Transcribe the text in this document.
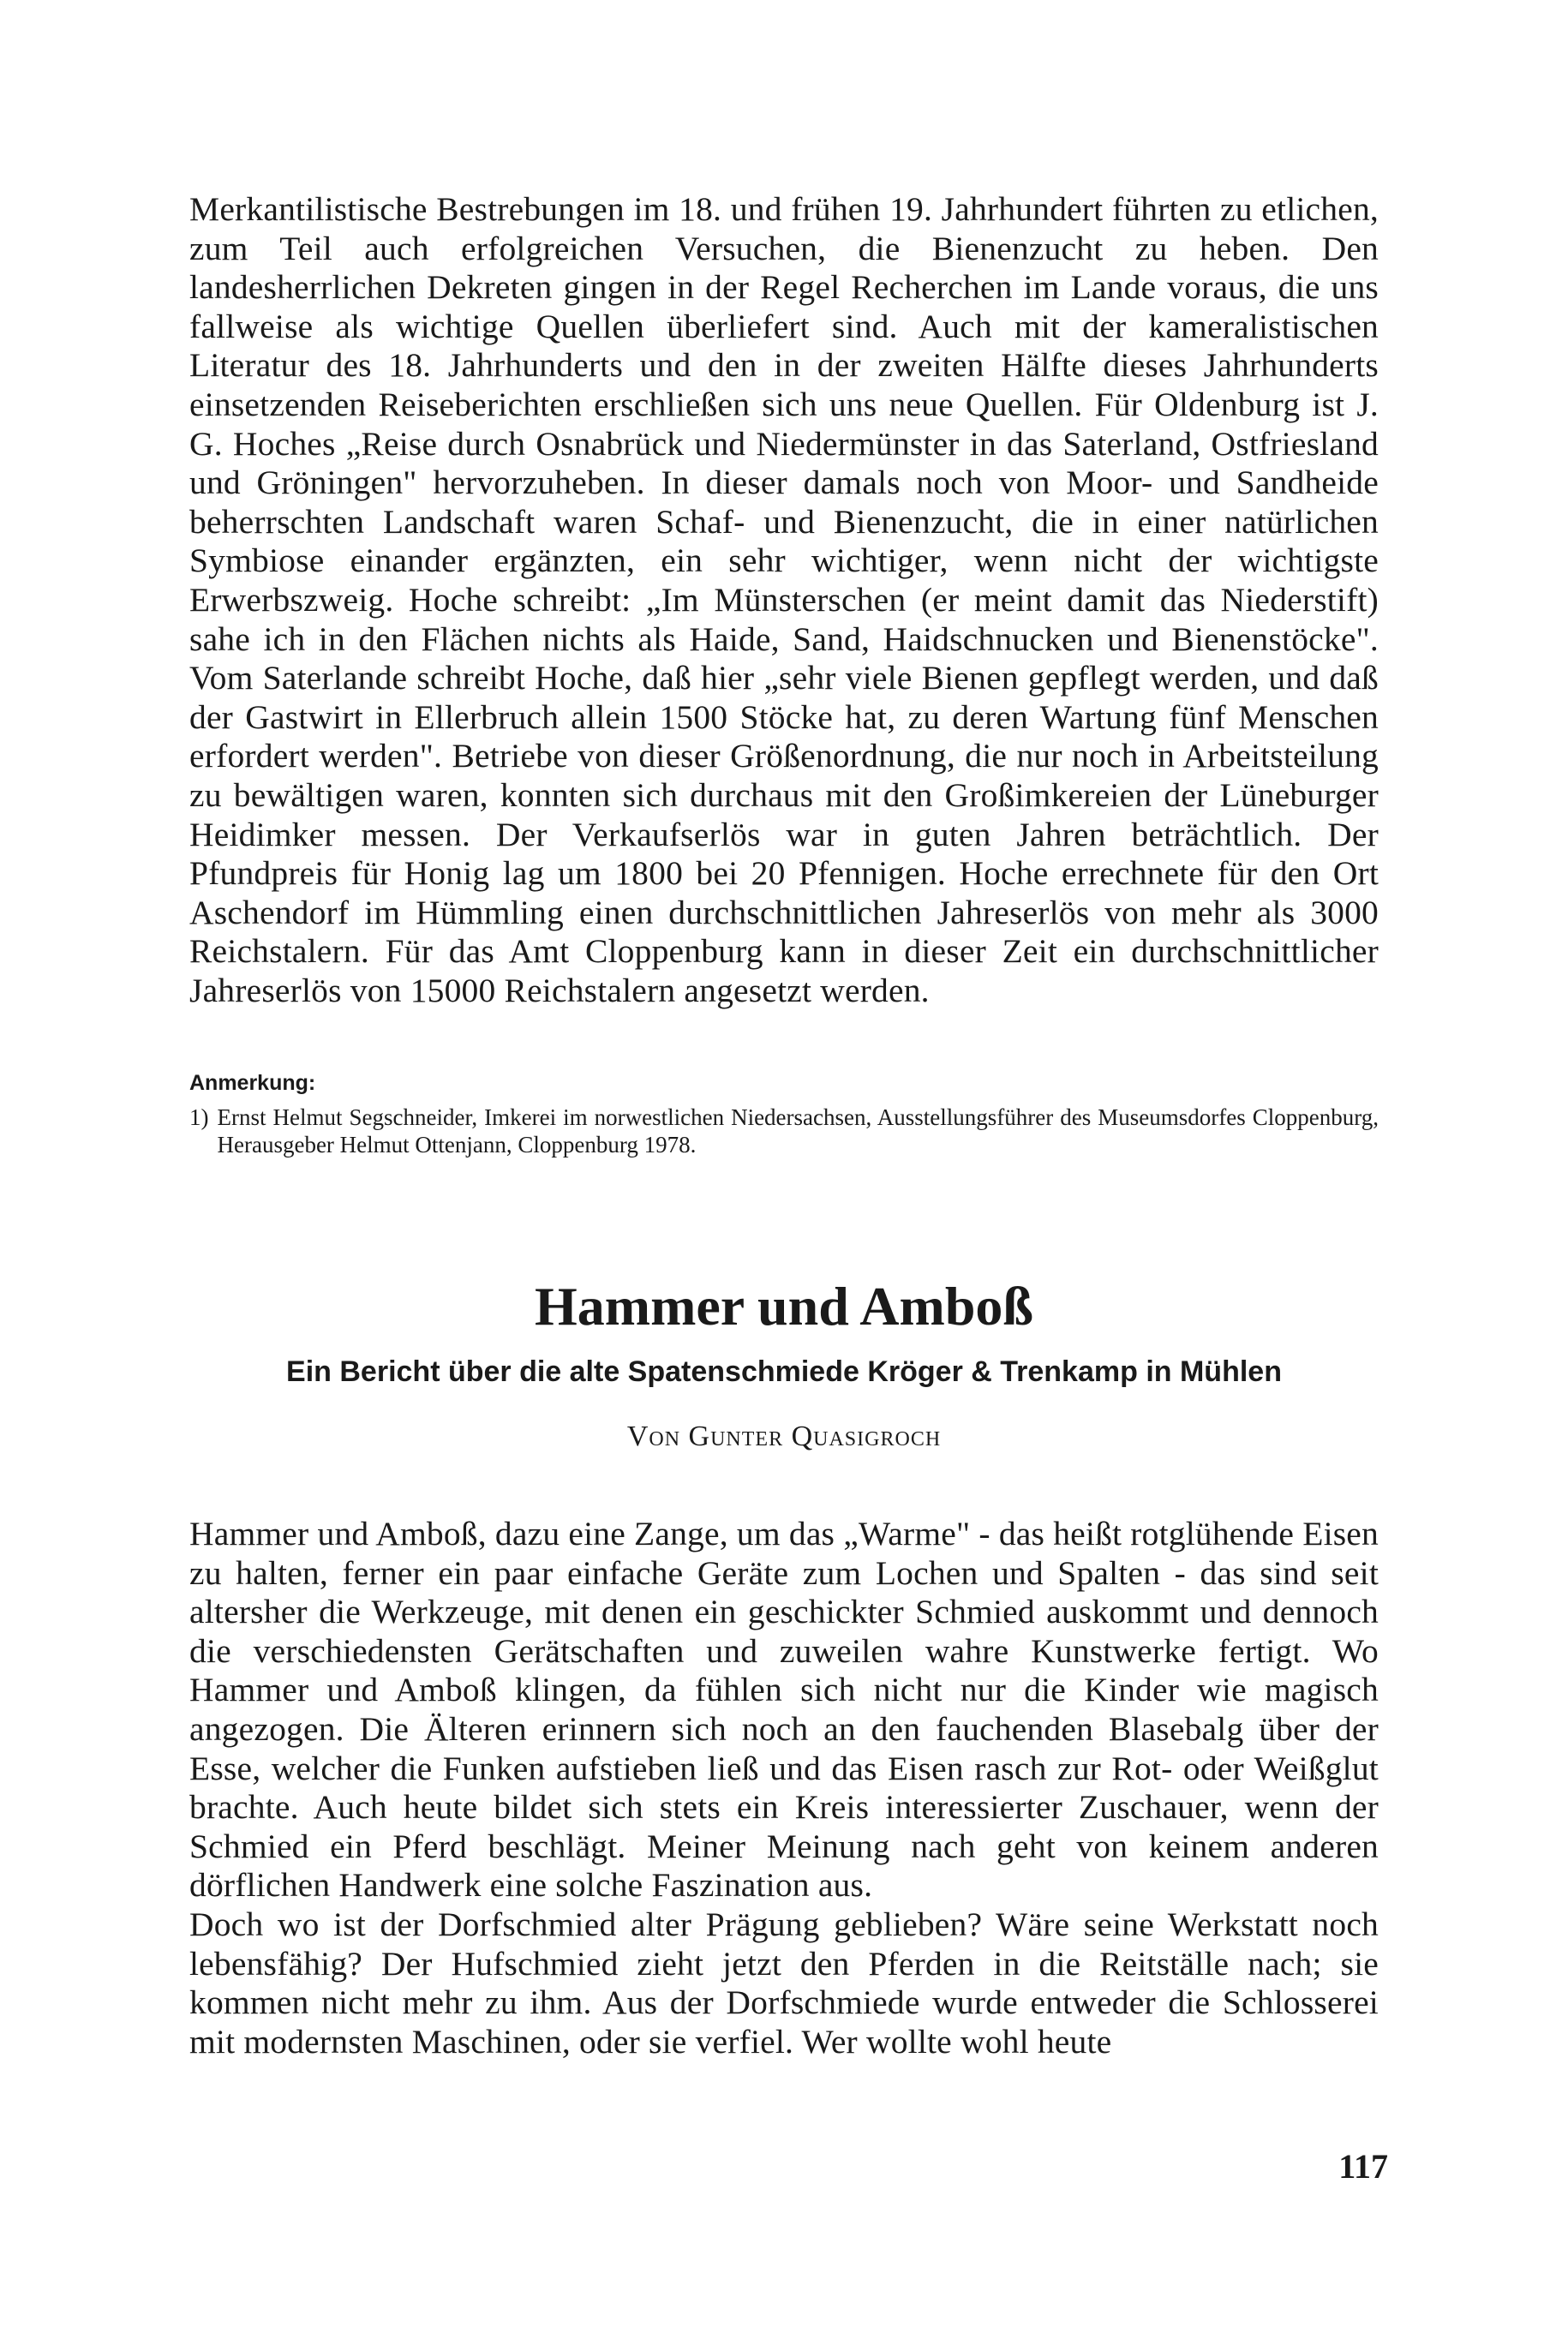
Merkantilistische Bestrebungen im 18. und frühen 19. Jahrhundert führten zu etlichen, zum Teil auch erfolgreichen Versuchen, die Bienenzucht zu heben. Den landesherrlichen Dekreten gingen in der Regel Recherchen im Lande voraus, die uns fallweise als wichtige Quellen überliefert sind. Auch mit der kameralistischen Literatur des 18. Jahrhunderts und den in der zweiten Hälfte dieses Jahrhunderts einsetzenden Reiseberichten erschließen sich uns neue Quellen. Für Oldenburg ist J. G. Hoches „Reise durch Osnabrück und Niedermünster in das Saterland, Ostfriesland und Gröningen" hervorzuheben. In dieser damals noch von Moor- und Sandheide beherrschten Landschaft waren Schaf- und Bienenzucht, die in einer natürlichen Symbiose einander ergänzten, ein sehr wichtiger, wenn nicht der wichtigste Erwerbszweig. Hoche schreibt: „Im Münsterschen (er meint damit das Niederstift) sahe ich in den Flächen nichts als Haide, Sand, Haidschnucken und Bienenstöcke". Vom Saterlande schreibt Hoche, daß hier „sehr viele Bienen gepflegt werden, und daß der Gastwirt in Ellerbruch allein 1500 Stöcke hat, zu deren Wartung fünf Menschen erfordert werden". Betriebe von dieser Größenordnung, die nur noch in Arbeitsteilung zu bewältigen waren, konnten sich durchaus mit den Großimkereien der Lüneburger Heidimker messen. Der Verkaufserlös war in guten Jahren beträchtlich. Der Pfundpreis für Honig lag um 1800 bei 20 Pfennigen. Hoche errechnete für den Ort Aschendorf im Hümmling einen durchschnittlichen Jahreserlös von mehr als 3000 Reichstalern. Für das Amt Cloppenburg kann in dieser Zeit ein durchschnittlicher Jahreserlös von 15000 Reichstalern angesetzt werden.

Anmerkung:
1) Ernst Helmut Segschneider, Imkerei im norwestlichen Niedersachsen, Ausstellungsführer des Museumsdorfes Cloppenburg, Herausgeber Helmut Ottenjann, Cloppenburg 1978.
Hammer und Amboß
Ein Bericht über die alte Spatenschmiede Kröger & Trenkamp in Mühlen
Von Gunter Quasigroch

Hammer und Amboß, dazu eine Zange, um das „Warme" - das heißt rotglühende Eisen zu halten, ferner ein paar einfache Geräte zum Lochen und Spalten - das sind seit altersher die Werkzeuge, mit denen ein geschickter Schmied auskommt und dennoch die verschiedensten Gerätschaften und zuweilen wahre Kunstwerke fertigt. Wo Hammer und Amboß klingen, da fühlen sich nicht nur die Kinder wie magisch angezogen. Die Älteren erinnern sich noch an den fauchenden Blasebalg über der Esse, welcher die Funken aufstieben ließ und das Eisen rasch zur Rot- oder Weißglut brachte. Auch heute bildet sich stets ein Kreis interessierter Zuschauer, wenn der Schmied ein Pferd beschlägt. Meiner Meinung nach geht von keinem anderen dörflichen Handwerk eine solche Faszination aus.

Doch wo ist der Dorfschmied alter Prägung geblieben? Wäre seine Werkstatt noch lebensfähig? Der Hufschmied zieht jetzt den Pferden in die Reitställe nach; sie kommen nicht mehr zu ihm. Aus der Dorfschmiede wurde entweder die Schlosserei mit modernsten Maschinen, oder sie verfiel. Wer wollte wohl heute

117
